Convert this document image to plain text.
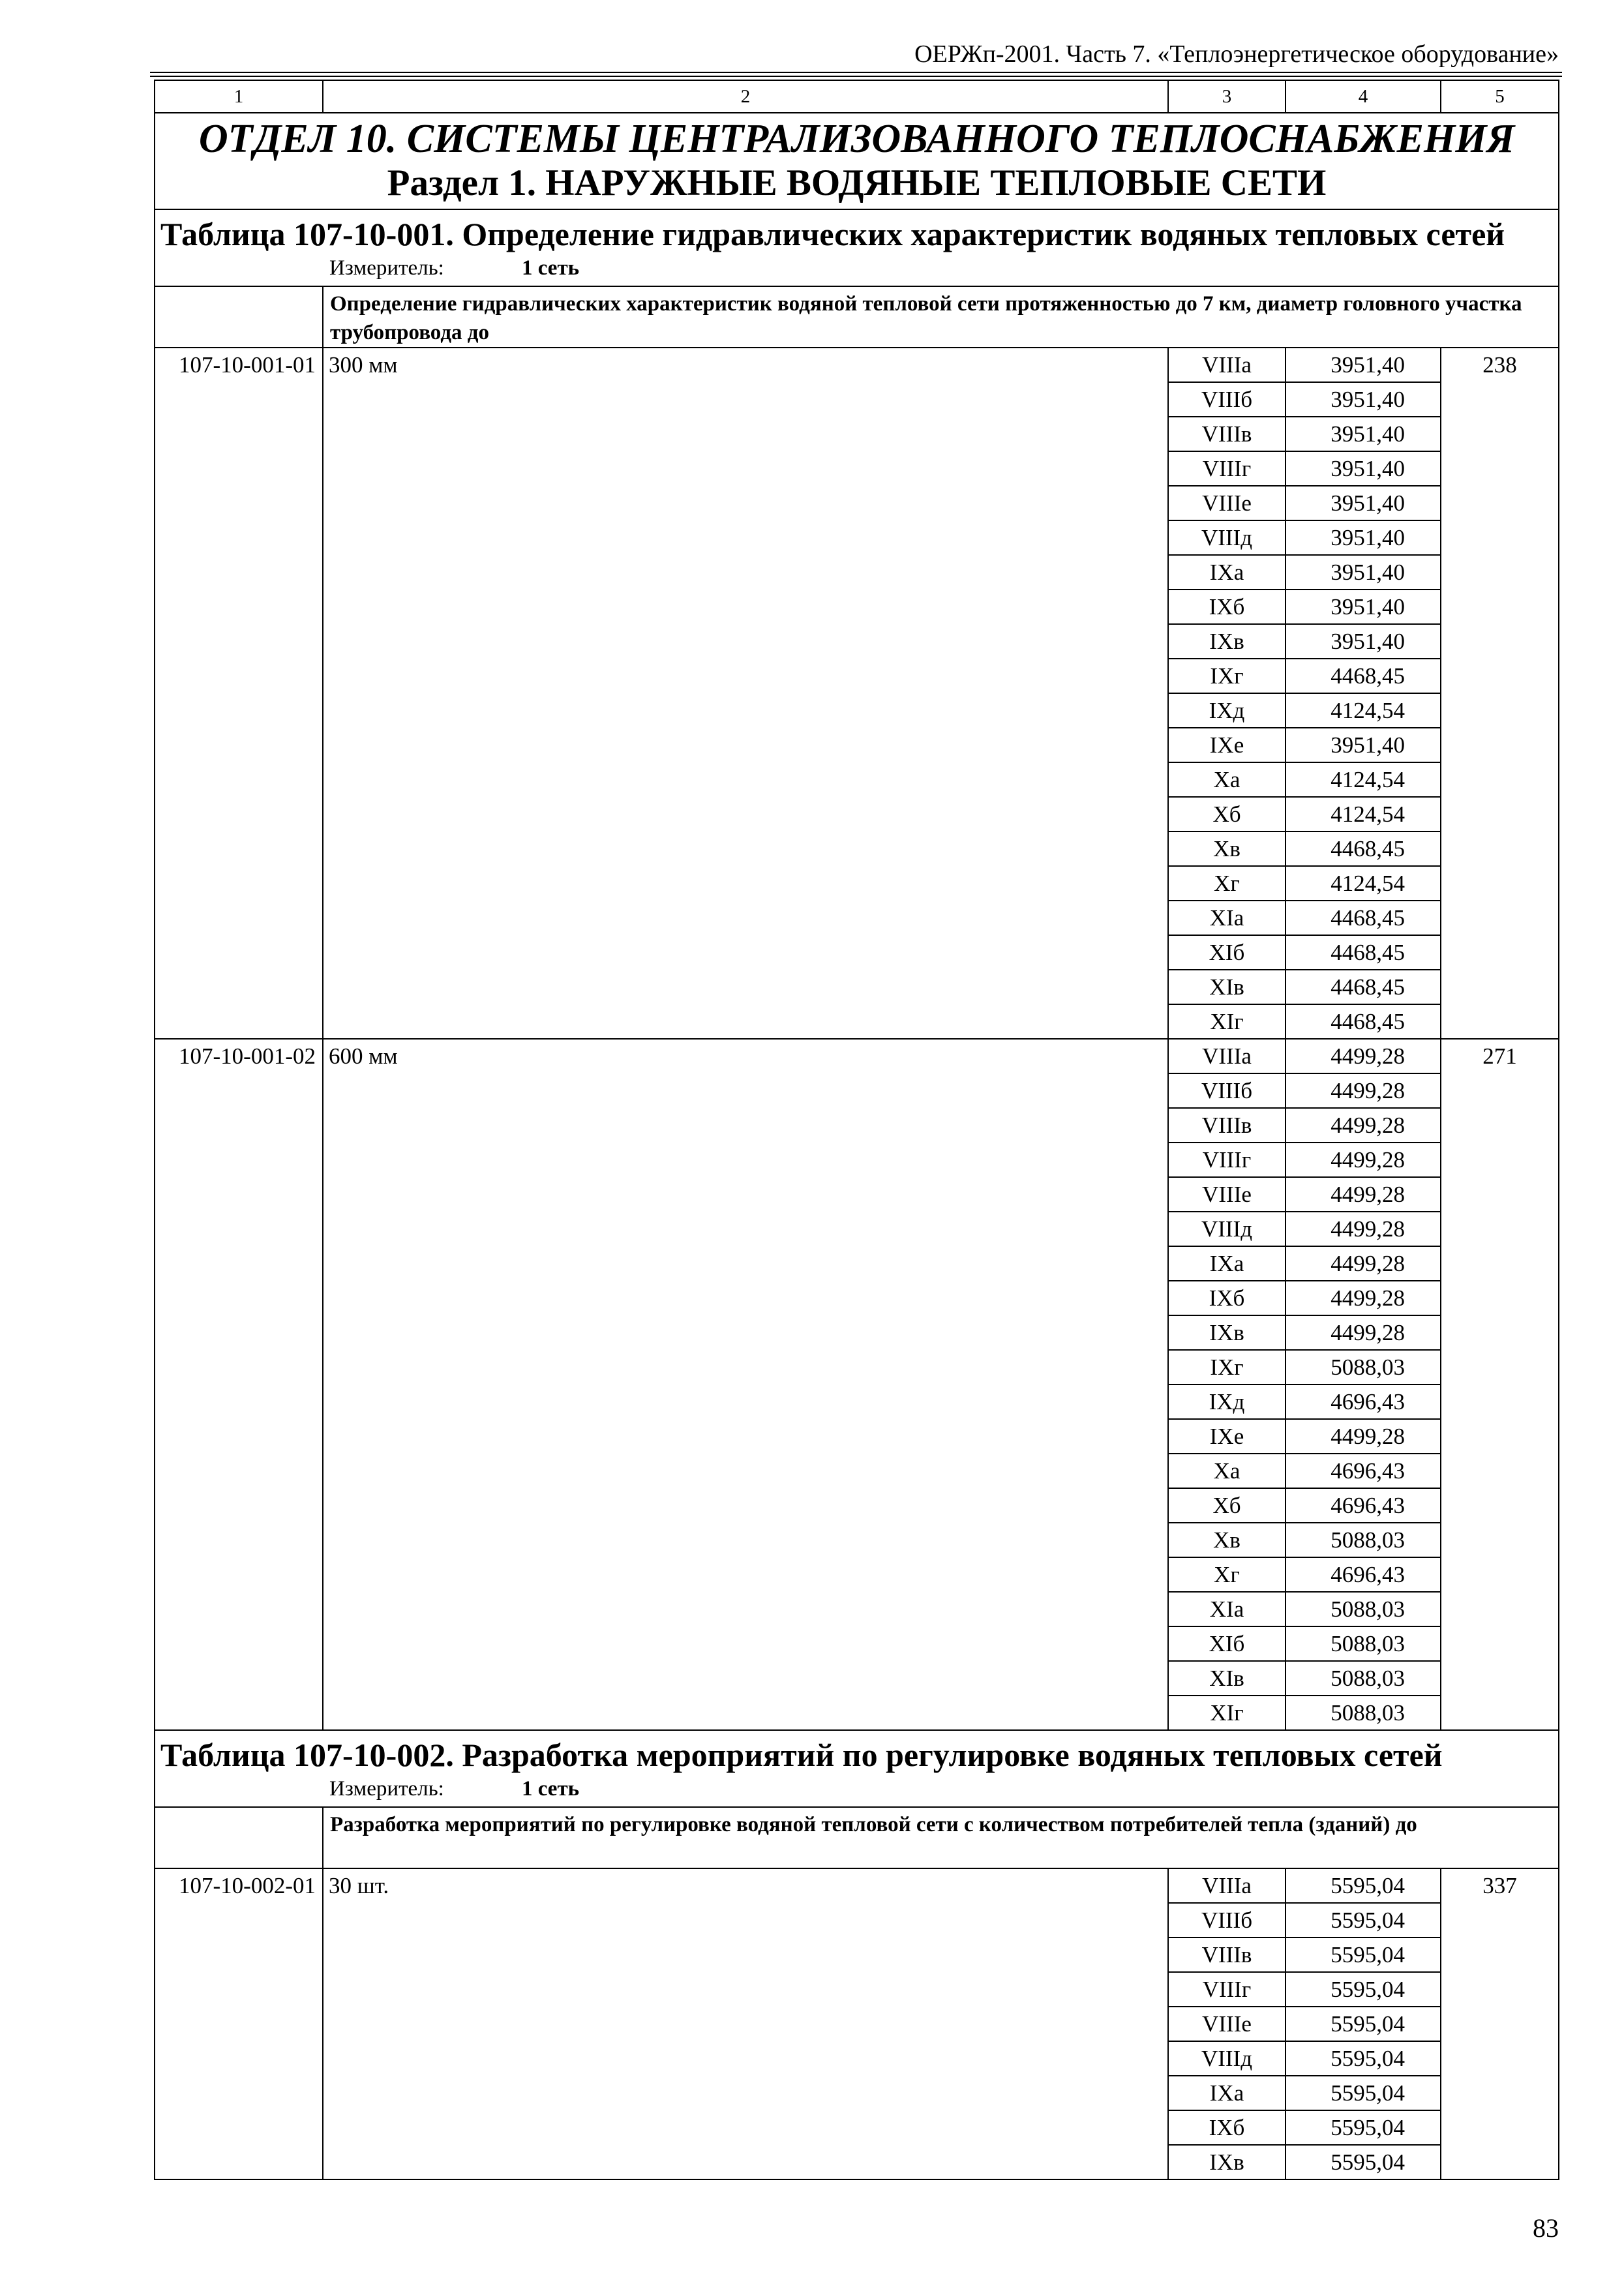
ОЕРЖп-2001. Часть 7. «Теплоэнергетическое оборудование»
1	2	3	4	5

ОТДЕЛ 10. СИСТЕМЫ ЦЕНТРАЛИЗОВАННОГО ТЕПЛОСНАБЖЕНИЯ
Раздел 1. НАРУЖНЫЕ ВОДЯНЫЕ ТЕПЛОВЫЕ СЕТИ				

Таблица 107-10-001. Определение гидравлических характеристик водяных тепловых сетей
Измеритель: 1 сеть				

	Определение гидравлических характеристик водяной тепловой сети протяженностью до 7 км, диаметр головного участка трубопровода до			
107-10-001-01	300 мм	VIIIа	3951,40	238
		VIIIб	3951,40	
		VIIIв	3951,40	
		VIIIг	3951,40	
		VIIIе	3951,40	
		VIIIд	3951,40	
		IXа	3951,40	
		IXб	3951,40	
		IXв	3951,40	
		IXг	4468,45	
		IXд	4124,54	
		IXе	3951,40	
		Xа	4124,54	
		Xб	4124,54	
		Xв	4468,45	
		Xг	4124,54	
		XIа	4468,45	
		XIб	4468,45	
		XIв	4468,45	
		XIг	4468,45	
107-10-001-02	600 мм	VIIIа	4499,28	271
		VIIIб	4499,28	
		VIIIв	4499,28	
		VIIIг	4499,28	
		VIIIе	4499,28	
		VIIIд	4499,28	
		IXа	4499,28	
		IXб	4499,28	
		IXв	4499,28	
		IXг	5088,03	
		IXд	4696,43	
		IXе	4499,28	
		Xа	4696,43	
		Xб	4696,43	
		Xв	5088,03	
		Xг	4696,43	
		XIа	5088,03	
		XIб	5088,03	
		XIв	5088,03	
		XIг	5088,03	

Таблица 107-10-002. Разработка мероприятий по регулировке водяных тепловых сетей
Измеритель: 1 сеть				

	Разработка мероприятий по регулировке водяной тепловой сети с количеством потребителей тепла (зданий) до			
107-10-002-01	30 шт.	VIIIа	5595,04	337
		VIIIб	5595,04	
		VIIIв	5595,04	
		VIIIг	5595,04	
		VIIIе	5595,04	
		VIIIд	5595,04	
		IXа	5595,04	
		IXб	5595,04	
		IXв	5595,04	
83
